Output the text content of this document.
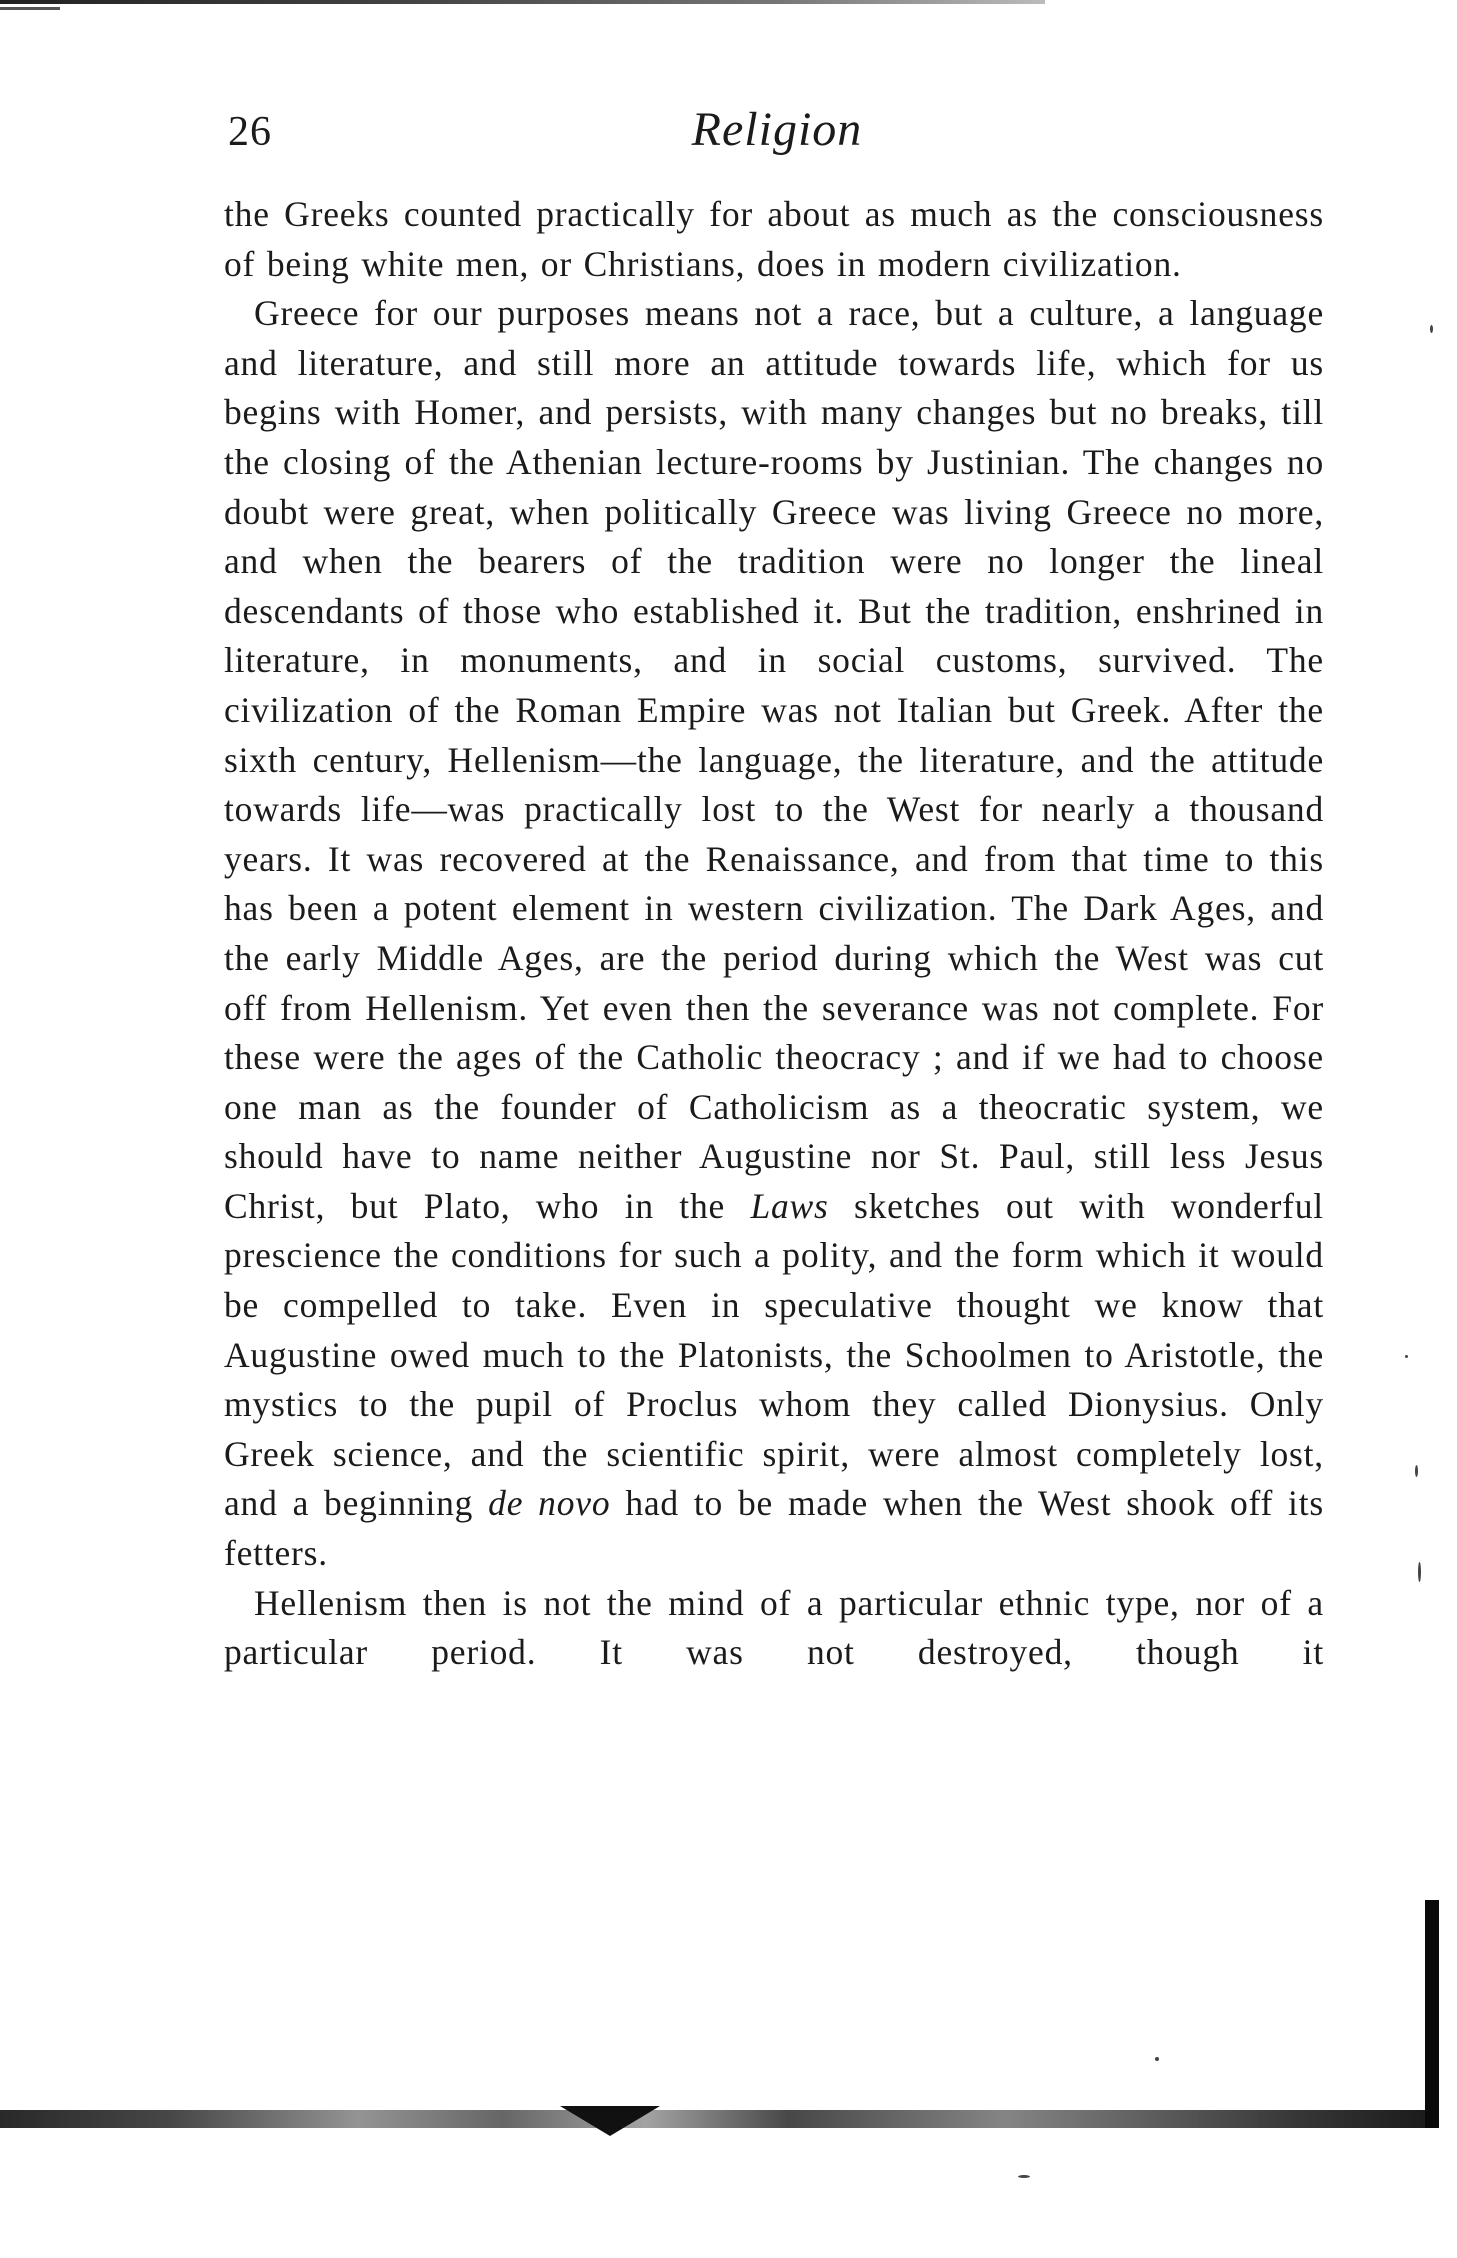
26	Religion

the Greeks counted practically for about as much as the consciousness of being white men, or Christians, does in modern civilization.

Greece for our purposes means not a race, but a culture, a language and literature, and still more an attitude towards life, which for us begins with Homer, and persists, with many changes but no breaks, till the closing of the Athenian lecture-rooms by Justinian. The changes no doubt were great, when politically Greece was living Greece no more, and when the bearers of the tradition were no longer the lineal descendants of those who established it. But the tradition, enshrined in literature, in monuments, and in social customs, survived. The civilization of the Roman Empire was not Italian but Greek. After the sixth century, Hellenism—the language, the literature, and the attitude towards life—was practically lost to the West for nearly a thousand years. It was recovered at the Renaissance, and from that time to this has been a potent element in western civilization. The Dark Ages, and the early Middle Ages, are the period during which the West was cut off from Hellenism. Yet even then the severance was not complete. For these were the ages of the Catholic theocracy ; and if we had to choose one man as the founder of Catholicism as a theocratic system, we should have to name neither Augustine nor St. Paul, still less Jesus Christ, but Plato, who in the Laws sketches out with wonderful prescience the conditions for such a polity, and the form which it would be compelled to take. Even in speculative thought we know that Augustine owed much to the Platonists, the Schoolmen to Aristotle, the mystics to the pupil of Proclus whom they called Dionysius. Only Greek science, and the scientific spirit, were almost completely lost, and a beginning de novo had to be made when the West shook off its fetters.

Hellenism then is not the mind of a particular ethnic type, nor of a particular period. It was not destroyed, though it
